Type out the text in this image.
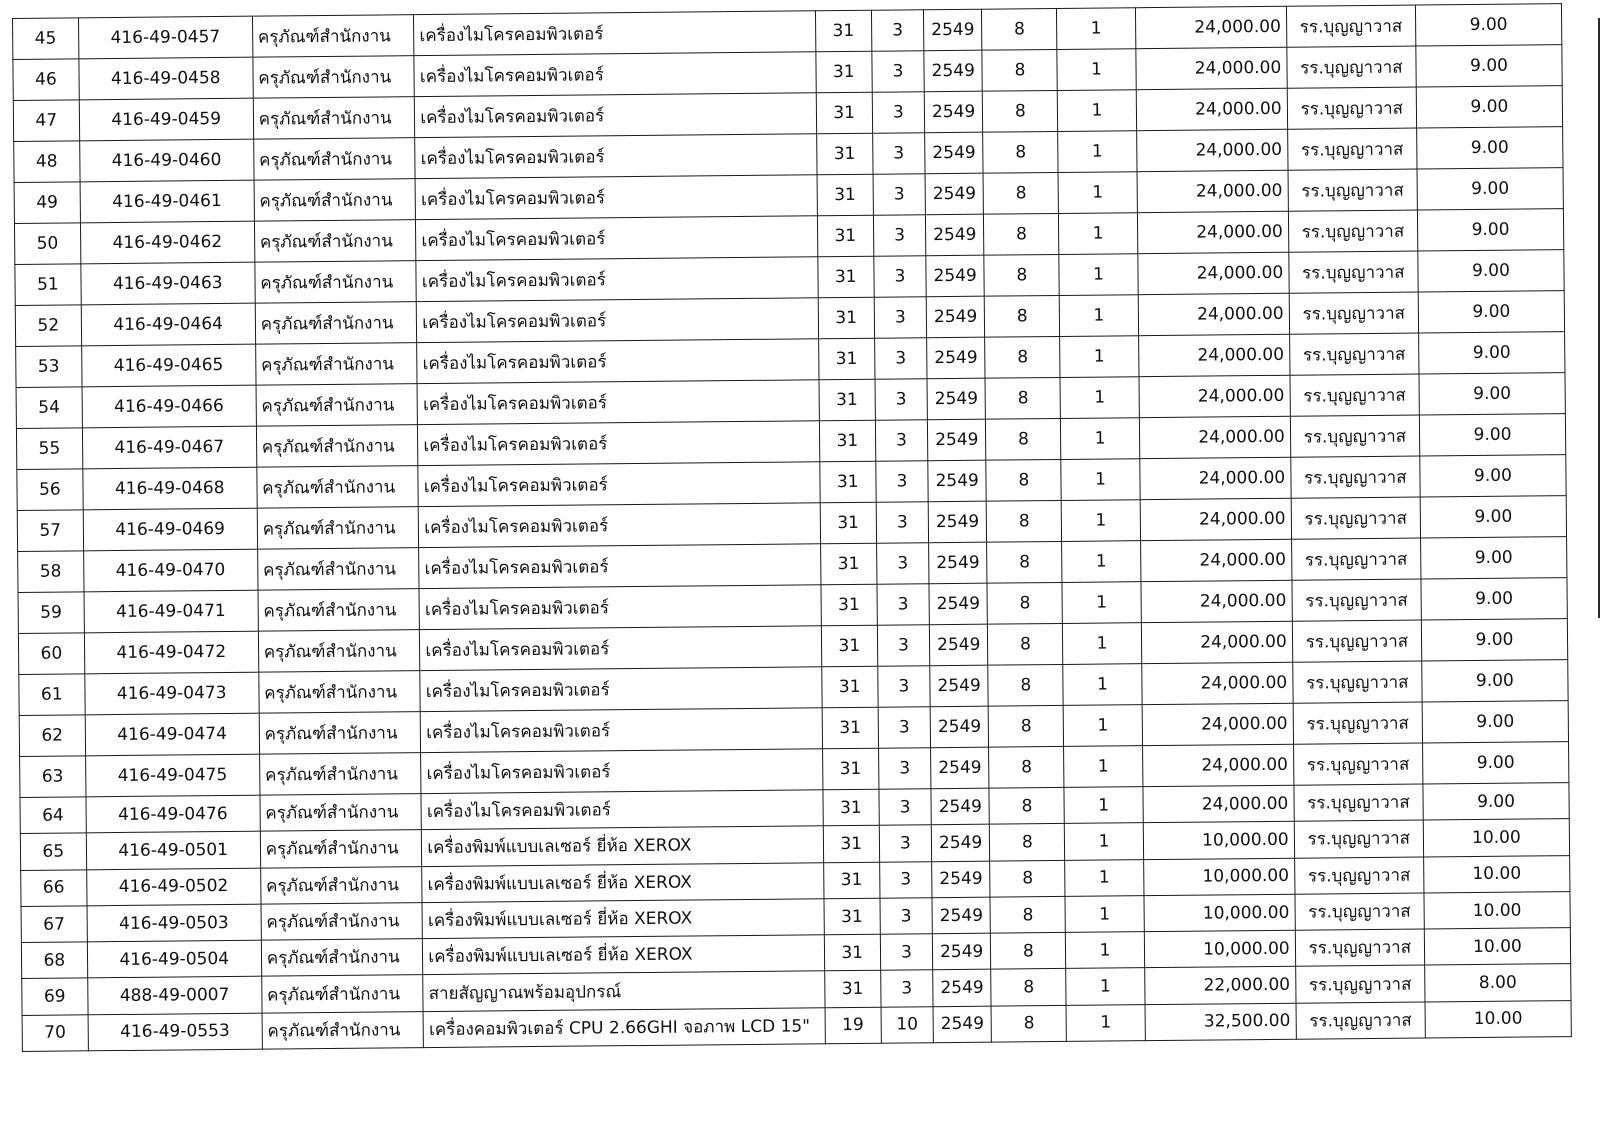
45	416-49-0457	ครุภัณฑ์สำนักงาน	เครื่องไมโครคอมพิวเตอร์	31	3	2549	8	1	24,000.00	รร.บุญญาวาส	9.00
46	416-49-0458	ครุภัณฑ์สำนักงาน	เครื่องไมโครคอมพิวเตอร์	31	3	2549	8	1	24,000.00	รร.บุญญาวาส	9.00
47	416-49-0459	ครุภัณฑ์สำนักงาน	เครื่องไมโครคอมพิวเตอร์	31	3	2549	8	1	24,000.00	รร.บุญญาวาส	9.00
48	416-49-0460	ครุภัณฑ์สำนักงาน	เครื่องไมโครคอมพิวเตอร์	31	3	2549	8	1	24,000.00	รร.บุญญาวาส	9.00
49	416-49-0461	ครุภัณฑ์สำนักงาน	เครื่องไมโครคอมพิวเตอร์	31	3	2549	8	1	24,000.00	รร.บุญญาวาส	9.00
50	416-49-0462	ครุภัณฑ์สำนักงาน	เครื่องไมโครคอมพิวเตอร์	31	3	2549	8	1	24,000.00	รร.บุญญาวาส	9.00
51	416-49-0463	ครุภัณฑ์สำนักงาน	เครื่องไมโครคอมพิวเตอร์	31	3	2549	8	1	24,000.00	รร.บุญญาวาส	9.00
52	416-49-0464	ครุภัณฑ์สำนักงาน	เครื่องไมโครคอมพิวเตอร์	31	3	2549	8	1	24,000.00	รร.บุญญาวาส	9.00
53	416-49-0465	ครุภัณฑ์สำนักงาน	เครื่องไมโครคอมพิวเตอร์	31	3	2549	8	1	24,000.00	รร.บุญญาวาส	9.00
54	416-49-0466	ครุภัณฑ์สำนักงาน	เครื่องไมโครคอมพิวเตอร์	31	3	2549	8	1	24,000.00	รร.บุญญาวาส	9.00
55	416-49-0467	ครุภัณฑ์สำนักงาน	เครื่องไมโครคอมพิวเตอร์	31	3	2549	8	1	24,000.00	รร.บุญญาวาส	9.00
56	416-49-0468	ครุภัณฑ์สำนักงาน	เครื่องไมโครคอมพิวเตอร์	31	3	2549	8	1	24,000.00	รร.บุญญาวาส	9.00
57	416-49-0469	ครุภัณฑ์สำนักงาน	เครื่องไมโครคอมพิวเตอร์	31	3	2549	8	1	24,000.00	รร.บุญญาวาส	9.00
58	416-49-0470	ครุภัณฑ์สำนักงาน	เครื่องไมโครคอมพิวเตอร์	31	3	2549	8	1	24,000.00	รร.บุญญาวาส	9.00
59	416-49-0471	ครุภัณฑ์สำนักงาน	เครื่องไมโครคอมพิวเตอร์	31	3	2549	8	1	24,000.00	รร.บุญญาวาส	9.00
60	416-49-0472	ครุภัณฑ์สำนักงาน	เครื่องไมโครคอมพิวเตอร์	31	3	2549	8	1	24,000.00	รร.บุญญาวาส	9.00
61	416-49-0473	ครุภัณฑ์สำนักงาน	เครื่องไมโครคอมพิวเตอร์	31	3	2549	8	1	24,000.00	รร.บุญญาวาส	9.00
62	416-49-0474	ครุภัณฑ์สำนักงาน	เครื่องไมโครคอมพิวเตอร์	31	3	2549	8	1	24,000.00	รร.บุญญาวาส	9.00
63	416-49-0475	ครุภัณฑ์สำนักงาน	เครื่องไมโครคอมพิวเตอร์	31	3	2549	8	1	24,000.00	รร.บุญญาวาส	9.00
64	416-49-0476	ครุภัณฑ์สำนักงาน	เครื่องไมโครคอมพิวเตอร์	31	3	2549	8	1	24,000.00	รร.บุญญาวาส	9.00
65	416-49-0501	ครุภัณฑ์สำนักงาน	เครื่องพิมพ์แบบเลเซอร์ ยี่ห้อ XEROX	31	3	2549	8	1	10,000.00	รร.บุญญาวาส	10.00
66	416-49-0502	ครุภัณฑ์สำนักงาน	เครื่องพิมพ์แบบเลเซอร์ ยี่ห้อ XEROX	31	3	2549	8	1	10,000.00	รร.บุญญาวาส	10.00
67	416-49-0503	ครุภัณฑ์สำนักงาน	เครื่องพิมพ์แบบเลเซอร์ ยี่ห้อ XEROX	31	3	2549	8	1	10,000.00	รร.บุญญาวาส	10.00
68	416-49-0504	ครุภัณฑ์สำนักงาน	เครื่องพิมพ์แบบเลเซอร์ ยี่ห้อ XEROX	31	3	2549	8	1	10,000.00	รร.บุญญาวาส	10.00
69	488-49-0007	ครุภัณฑ์สำนักงาน	สายสัญญาณพร้อมอุปกรณ์	31	3	2549	8	1	22,000.00	รร.บุญญาวาส	8.00
70	416-49-0553	ครุภัณฑ์สำนักงาน	เครื่องคอมพิวเตอร์ CPU 2.66GHI จอภาพ LCD 15"	19	10	2549	8	1	32,500.00	รร.บุญญาวาส	10.00
